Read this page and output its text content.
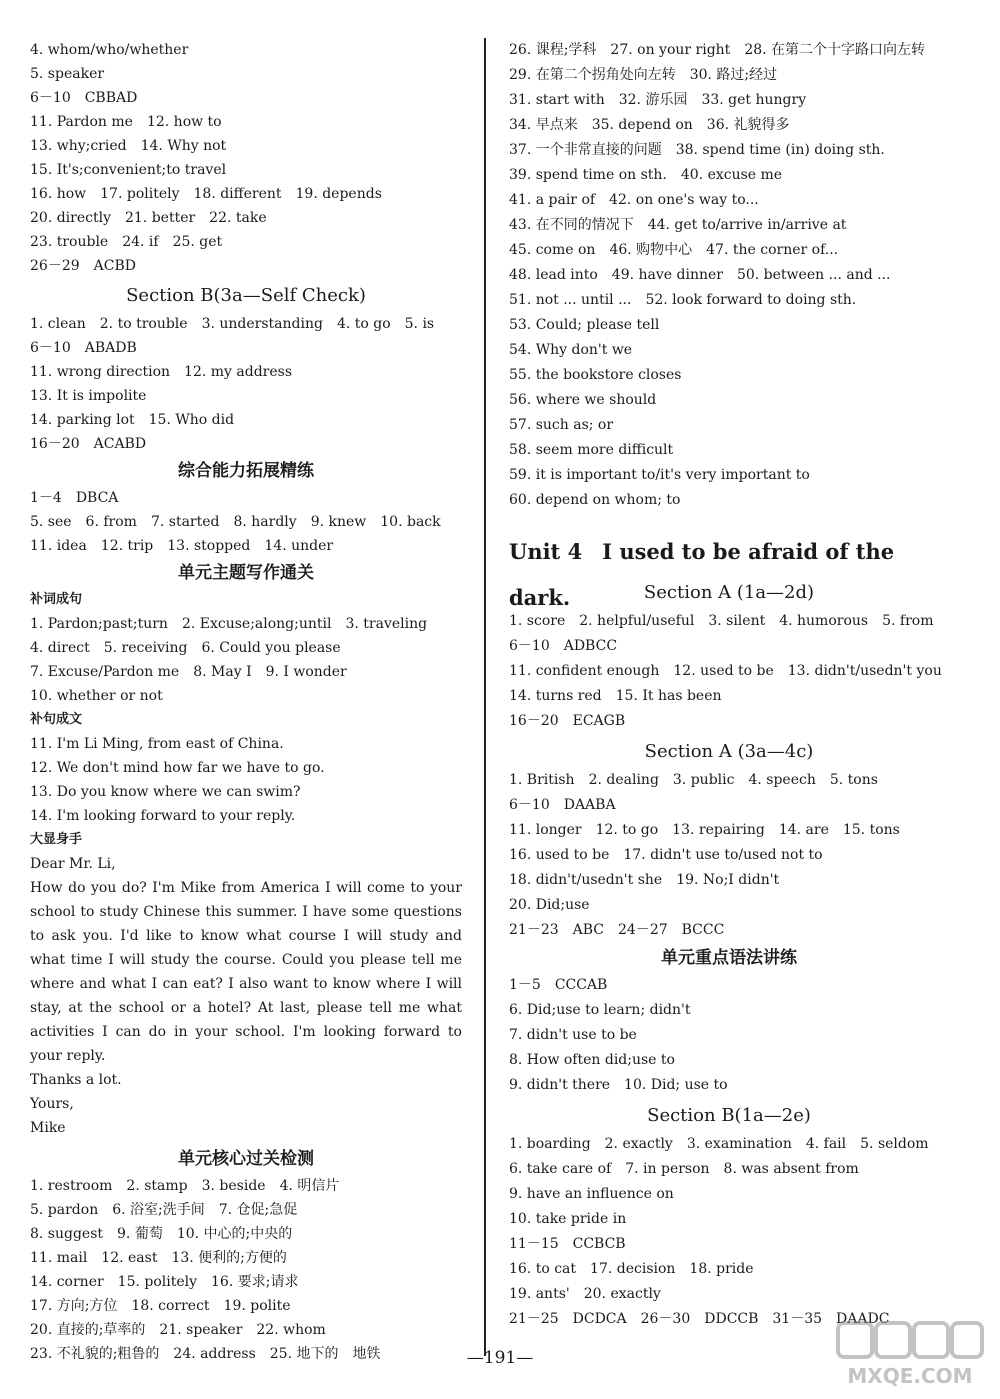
4. whom/who/whether
5. speaker
6－10　CBBAD
11. Pardon me　12. how to
13. why;cried　14. Why not
15. It's;convenient;to travel
16. how　17. politely　18. different　19. depends
20. directly　21. better　22. take
23. trouble　24. if　25. get
26－29　ACBD
Section B(3a—Self Check)
1. clean　2. to trouble　3. understanding　4. to go　5. is
6－10　ABADB
11. wrong direction　12. my address
13. It is impolite
14. parking lot　15. Who did
16－20　ACABD
综合能力拓展精练
1－4　DBCA
5. see　6. from　7. started　8. hardly　9. knew　10. back
11. idea　12. trip　13. stopped　14. under
单元主题写作通关
补词成句
1. Pardon;past;turn　2. Excuse;along;until　3. traveling
4. direct　5. receiving　6. Could you please
7. Excuse/Pardon me　8. May I　9. I wonder
10. whether or not
补句成文
11. I'm Li Ming, from east of China.
12. We don't mind how far we have to go.
13. Do you know where we can swim?
14. I'm looking forward to your reply.
大显身手
Dear Mr. Li,
How do you do? I'm Mike from America I will come to your school to study Chinese this summer. I have some questions to ask you. I'd like to know what course I will study and what time I will study the course. Could you please tell me where and what I can eat? I also want to know where I will stay, at the school or a hotel? At last, please tell me what activities I can do in your school. I'm looking forward to your reply.
Thanks a lot.
Yours,
Mike
单元核心过关检测
1. restroom　2. stamp　3. beside　4. 明信片
5. pardon　6. 浴室;洗手间　7. 仓促;急促
8. suggest　9. 葡萄　10. 中心的;中央的
11. mail　12. east　13. 便利的;方便的
14. corner　15. politely　16. 要求;请求
17. 方向;方位　18. correct　19. polite
20. 直接的;草率的　21. speaker　22. whom
23. 不礼貌的;粗鲁的　24. address　25. 地下的　地铁
26. 课程;学科　27. on your right　28. 在第二个十字路口向左转
29. 在第二个拐角处向左转　30. 路过;经过
31. start with　32. 游乐园　33. get hungry
34. 早点来　35. depend on　36. 礼貌得多
37. 一个非常直接的问题　38. spend time (in) doing sth.
39. spend time on sth.　40. excuse me
41. a pair of　42. on one's way to...
43. 在不同的情况下　44. get to/arrive in/arrive at
45. come on　46. 购物中心　47. the corner of...
48. lead into　49. have dinner　50. between ... and ...
51. not ... until ...　52. look forward to doing sth.
53. Could; please tell
54. Why don't we
55. the bookstore closes
56. where we should
57. such as; or
58. seem more difficult
59. it is important to/it's very important to
60. depend on whom; to
Unit 4 I used to be afraid of the dark.	Section A (1a—2d)
1. score　2. helpful/useful　3. silent　4. humorous　5. from
6－10　ADBCC
11. confident enough　12. used to be　13. didn't/usedn't you
14. turns red　15. It has been
16－20　ECAGB
Section A (3a—4c)
1. British　2. dealing　3. public　4. speech　5. tons
6－10　DAABA
11. longer　12. to go　13. repairing　14. are　15. tons
16. used to be　17. didn't use to/used not to
18. didn't/usedn't she　19. No;I didn't
20. Did;use
21－23　ABC　24－27　BCCC
单元重点语法讲练
1－5　CCCAB
6. Did;use to learn; didn't
7. didn't use to be
8. How often did;use to
9. didn't there　10. Did; use to
Section B(1a—2e)
1. boarding　2. exactly　3. examination　4. fail　5. seldom
6. take care of　7. in person　8. was absent from
9. have an influence on
10. take pride in
11－15　CCBCB
16. to cat　17. decision　18. pride
19. ants'　20. exactly
21－25　DCDCA　26－30　DDCCB　31－35　DAADC
—191—
MXQE.COM
